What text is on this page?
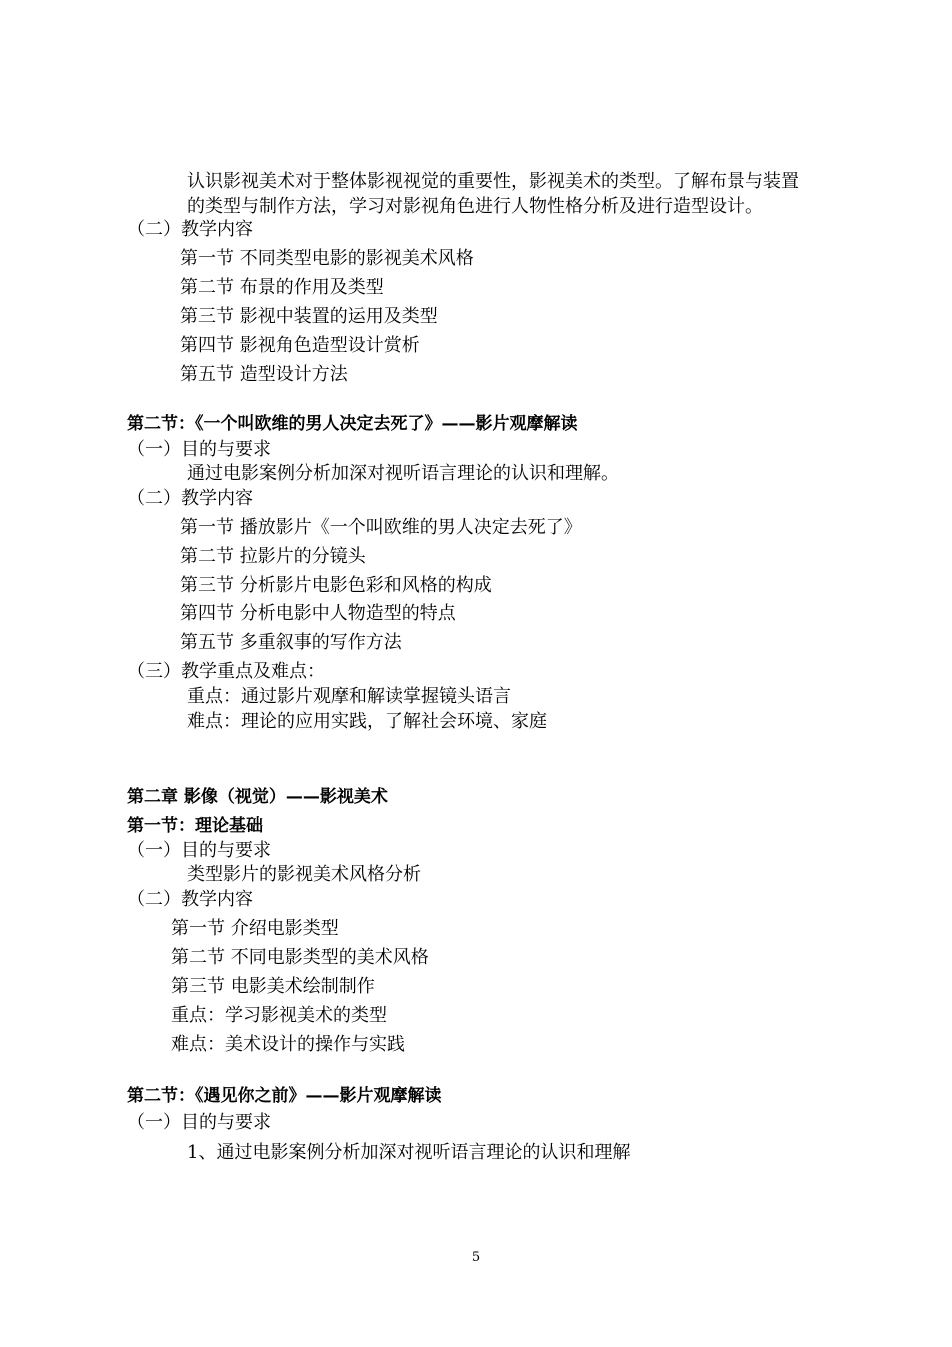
认识影视美术对于整体影视视觉的重要性，影视美术的类型。了解布景与装置
的类型与制作方法，学习对影视角色进行人物性格分析及进行造型设计。
（二）教学内容
第一节 不同类型电影的影视美术风格
第二节 布景的作用及类型
第三节 影视中装置的运用及类型
第四节 影视角色造型设计赏析
第五节 造型设计方法
第二节：《一个叫欧维的男人决定去死了》——影片观摩解读
（一）目的与要求
通过电影案例分析加深对视听语言理论的认识和理解。
（二）教学内容
第一节 播放影片《一个叫欧维的男人决定去死了》
第二节 拉影片的分镜头
第三节 分析影片电影色彩和风格的构成
第四节 分析电影中人物造型的特点
第五节 多重叙事的写作方法
（三）教学重点及难点：
重点：通过影片观摩和解读掌握镜头语言
难点：理论的应用实践，了解社会环境、家庭
第二章 影像（视觉）——影视美术
第一节：理论基础
（一）目的与要求
类型影片的影视美术风格分析
（二）教学内容
第一节 介绍电影类型
第二节 不同电影类型的美术风格
第三节 电影美术绘制制作
重点：学习影视美术的类型
难点：美术设计的操作与实践
第二节：《遇见你之前》——影片观摩解读
（一）目的与要求
1、通过电影案例分析加深对视听语言理论的认识和理解
5
